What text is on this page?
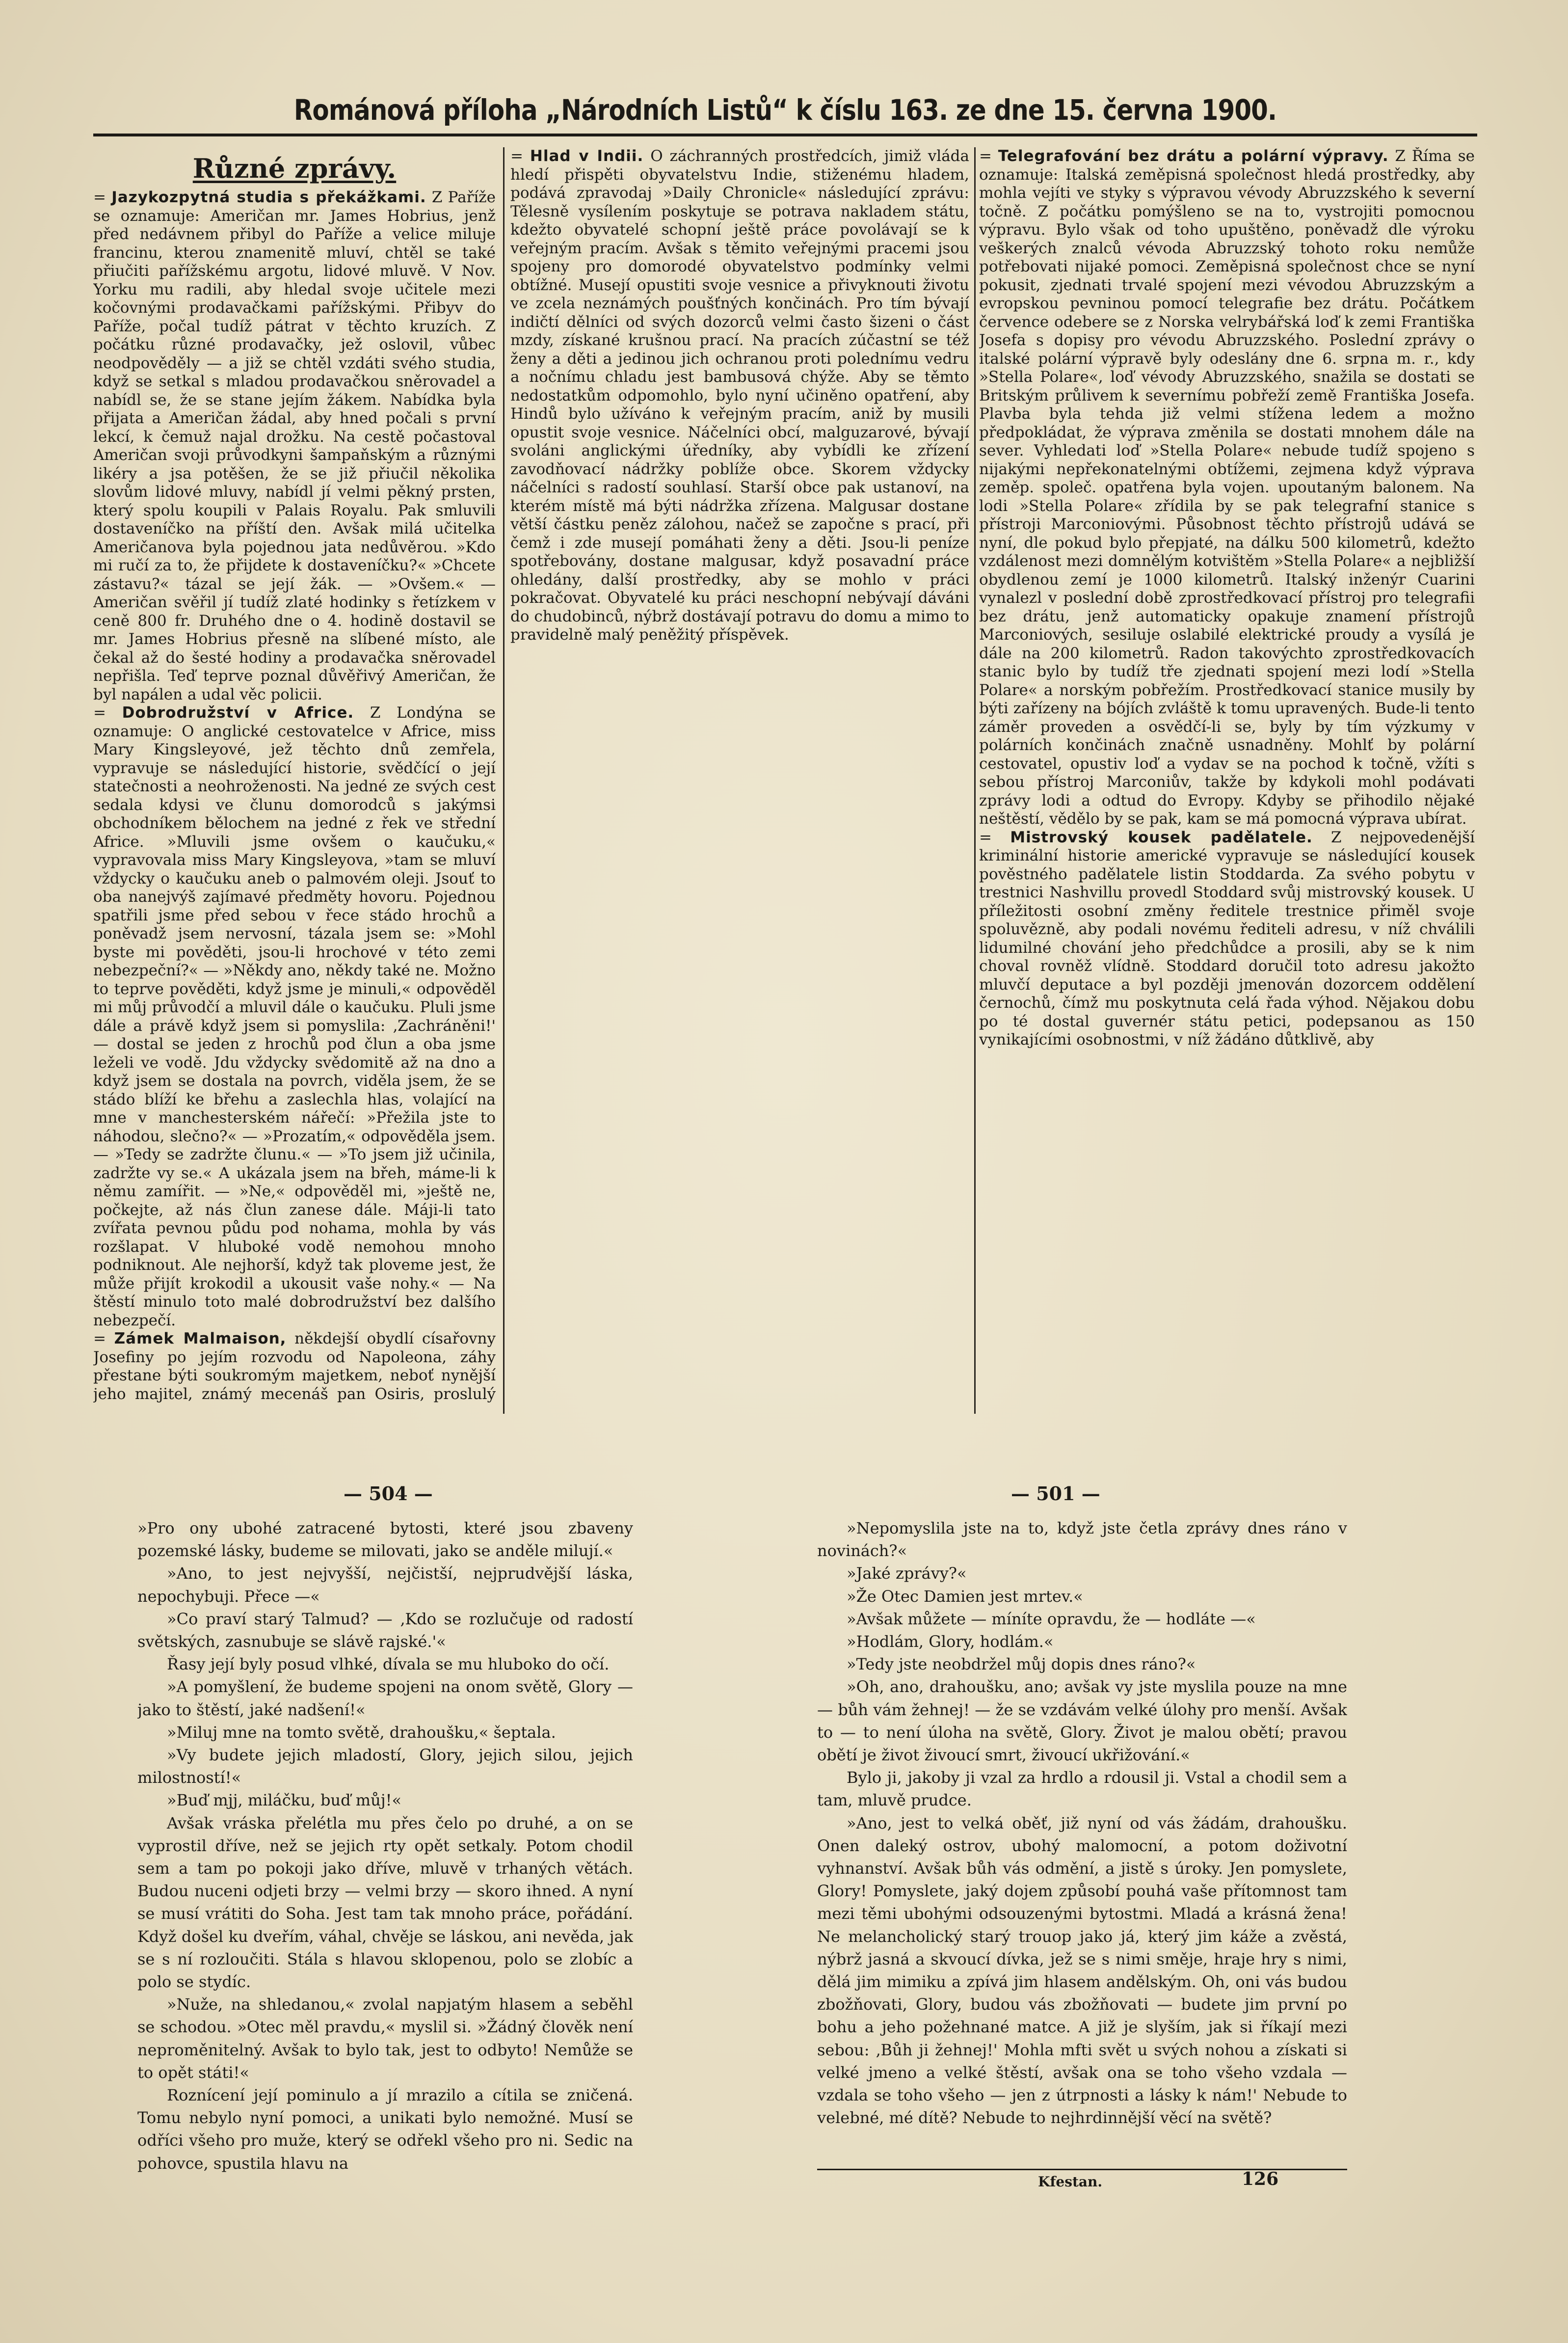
Románová příloha „Národních Listů“ k číslu 163. ze dne 15. června 1900.
Různé zprávy.

= Jazykozpytná studia s překážkami. Z Paříže se oznamuje: Američan mr. James Hobrius, jenž před nedávnem přibyl do Paříže a velice miluje francinu, kterou znamenitě mluví, chtěl se také přiučiti pařížskému argotu, lidové mluvě. V Nov. Yorku mu radili, aby hledal svoje učitele mezi kočovnými prodavačkami pařížskými. Přibyv do Paříže, počal tudíž pátrat v těchto kruzích. Z počátku různé prodavačky, jež oslovil, vůbec neodpověděly — a již se chtěl vzdáti svého studia, když se setkal s mladou prodavačkou sněrovadel a nabídl se, že se stane jejím žákem. Nabídka byla přijata a Američan žádal, aby hned počali s první lekcí, k čemuž najal drožku. Na cestě počastoval Američan svoji průvodkyni šampaňským a různými likéry a jsa potěšen, že se již přiučil několika slovům lidové mluvy, nabídl jí velmi pěkný prsten, který spolu koupili v Palais Royalu. Pak smluvili dostaveníčko na příští den. Avšak milá učitelka Američanova byla pojednou jata nedůvěrou. »Kdo mi ručí za to, že přijdete k dostaveníčku?« »Chcete zástavu?« tázal se její žák. — »Ovšem.« — Američan svěřil jí tudíž zlaté hodinky s řetízkem v ceně 800 fr. Druhého dne o 4. hodině dostavil se mr. James Hobrius přesně na slíbené místo, ale čekal až do šesté hodiny a prodavačka sněrovadel nepřišla. Teď teprve poznal důvěřivý Američan, že byl napálen a udal věc policii.

= Dobrodružství v Africe. Z Londýna se oznamuje: O anglické cestovatelce v Africe, miss Mary Kingsleyové, jež těchto dnů zemřela, vypravuje se následující historie, svědčící o její statečnosti a neohroženosti. Na jedné ze svých cest sedala kdysi ve člunu domorodců s jakýmsi obchodníkem bělochem na jedné z řek ve střední Africe. »Mluvili jsme ovšem o kaučuku,« vypravovala miss Mary Kingsleyova, »tam se mluví vždycky o kaučuku aneb o palmovém oleji. Jsouť to oba nanejvýš zajímavé předměty hovoru. Pojednou spatřili jsme před sebou v řece stádo hrochů a poněvadž jsem nervosní, tázala jsem se: »Mohl byste mi pověděti, jsou-li hrochové v této zemi nebezpeční?« — »Někdy ano, někdy také ne. Možno to teprve pověděti, když jsme je minuli,« odpověděl mi můj průvodčí a mluvil dále o kaučuku. Pluli jsme dále a právě když jsem si pomyslila: ‚Zachráněni!' — dostal se jeden z hrochů pod člun a oba jsme leželi ve vodě. Jdu vždycky svědomitě až na dno a když jsem se dostala na povrch, viděla jsem, že se stádo blíží ke břehu a zaslechla hlas, volající na mne v manchesterském nářečí: »Přežila jste to náhodou, slečno?« — »Prozatím,« odpověděla jsem. — »Tedy se zadržte člunu.« — »To jsem již učinila, zadržte vy se.« A ukázala jsem na břeh, máme-li k němu zamířit. — »Ne,« odpověděl mi, »ještě ne, počkejte, až nás člun zanese dále. Máji-li tato zvířata pevnou půdu pod nohama, mohla by vás rozšlapat. V hluboké vodě nemohou mnoho podniknout. Ale nejhorší, když tak ploveme jest, že může přijít krokodil a ukousit vaše nohy.« — Na štěstí minulo toto malé dobrodružství bez dalšího nebezpečí.

= Zámek Malmaison, někdejší obydlí císařovny Josefiny po jejím rozvodu od Napoleona, záhy přestane býti soukromým majetkem, neboť nynější jeho majitel, známý mecenáš pan Osiris, proslulý

= Hlad v Indii. O záchranných prostředcích, jimiž vláda hledí přispěti obyvatelstvu Indie, stiženému hladem, podává zpravodaj »Daily Chronicle« následující zprávu: Tělesně vysílením poskytuje se potrava nakladem státu, kdežto obyvatelé schopní ještě práce povolávají se k veřejným pracím. Avšak s těmito veřejnými pracemi jsou spojeny pro domorodé obyvatelstvo podmínky velmi obtížné. Musejí opustiti svoje vesnice a přivyknouti životu ve zcela neznámých poušťných končinách. Pro tím bývají indičtí dělníci od svých dozorců velmi často šizeni o část mzdy, získané krušnou prací. Na pracích zúčastní se též ženy a děti a jedinou jich ochranou proti polednímu vedru a nočnímu chladu jest bambusová chýže. Aby se těmto nedostatkům odpomohlo, bylo nyní učiněno opatření, aby Hindů bylo užíváno k veřejným pracím, aniž by musili opustit svoje vesnice. Náčelníci obcí, malguzarové, bývají svoláni anglickými úředníky, aby vybídli ke zřízení zavodňovací nádržky poblíže obce. Skorem vždycky náčelníci s radostí souhlasí. Starší obce pak ustanoví, na kterém místě má býti nádržka zřízena. Malgusar dostane větší částku peněz zálohou, načež se započne s prací, při čemž i zde musejí pomáhati ženy a děti. Jsou-li peníze spotřebovány, dostane malgusar, když posavadní práce ohledány, další prostředky, aby se mohlo v práci pokračovat. Obyvatelé ku práci neschopní nebývají dáváni do chudobinců, nýbrž dostávají potravu do domu a mimo to pravidelně malý peněžitý příspěvek.

= Telegrafování bez drátu a polární výpravy. Z Říma se oznamuje: Italská zeměpisná společnost hledá prostředky, aby mohla vejíti ve styky s výpravou vévody Abruzzského k severní točně. Z počátku pomýšleno se na to, vystrojiti pomocnou výpravu. Bylo však od toho upuštěno, poněvadž dle výroku veškerých znalců vévoda Abruzzský tohoto roku nemůže potřebovati nijaké pomoci. Zeměpisná společnost chce se nyní pokusit, zjednati trvalé spojení mezi vévodou Abruzzským a evropskou pevninou pomocí telegrafie bez drátu. Počátkem července odebere se z Norska velrybářská loď k zemi Františka Josefa s dopisy pro vévodu Abruzzského. Poslední zprávy o italské polární výpravě byly odeslány dne 6. srpna m. r., kdy »Stella Polare«, loď vévody Abruzzského, snažila se dostati se Britským průlivem k severnímu pobřeží země Františka Josefa. Plavba byla tehda již velmi stížena ledem a možno předpokládat, že výprava změnila se dostati mnohem dále na sever. Vyhledati loď »Stella Polare« nebude tudíž spojeno s nijakými nepřekonatelnými obtížemi, zejmena když výprava zeměp. společ. opatřena byla vojen. upoutaným balonem. Na lodi »Stella Polare« zřídila by se pak telegrafní stanice s přístroji Marconiovými. Působnost těchto přístrojů udává se nyní, dle pokud bylo přepjaté, na dálku 500 kilometrů, kdežto vzdálenost mezi domnělým kotvištěm »Stella Polare« a nejbližší obydlenou zemí je 1000 kilometrů. Italský inženýr Cuarini vynalezl v poslední době zprostředkovací přístroj pro telegrafii bez drátu, jenž automaticky opakuje znamení přístrojů Marconiových, sesiluje oslabilé elektrické proudy a vysílá je dále na 200 kilometrů. Radon takovýchto zprostředkovacích stanic bylo by tudíž tře zjednati spojení mezi lodí »Stella Polare« a norským pobřežím. Prostředkovací stanice musily by býti zařízeny na bójích zvláště k tomu upravených. Bude-li tento záměr proveden a osvědčí-li se, byly by tím výzkumy v polárních končinách značně usnadněny. Mohlť by polární cestovatel, opustiv loď a vydav se na pochod k točně, vžíti s sebou přístroj Marconiův, takže by kdykoli mohl podávati zprávy lodi a odtud do Evropy. Kdyby se přihodilo nějaké neštěstí, vědělo by se pak, kam se má pomocná výprava ubírat.

= Mistrovský kousek padělatele. Z nejpovedenější kriminální historie americké vypravuje se následující kousek pověstného padělatele listin Stoddarda. Za svého pobytu v trestnici Nashvillu provedl Stoddard svůj mistrovský kousek. U příležitosti osobní změny ředitele trestnice přiměl svoje spoluvězně, aby podali novému řediteli adresu, v níž chválili lidumilné chování jeho předchůdce a prosili, aby se k nim choval rovněž vlídně. Stoddard doručil toto adresu jakožto mluvčí deputace a byl později jmenován dozorcem oddělení černochů, čímž mu poskytnuta celá řada výhod. Nějakou dobu po té dostal guvernér státu petici, podepsanou as 150 vynikajícími osobnostmi, v níž žádáno důtklivě, aby

— 504 —	— 501 —

»Pro ony ubohé zatracené bytosti, které jsou zbaveny pozemské lásky, budeme se milovati, jako se anděle milují.«

»Ano, to jest nejvyšší, nejčistší, nejprudvější láska, nepochybuji. Přece —«

»Co praví starý Talmud? — ‚Kdo se rozlučuje od radostí světských, zasnubuje se slávě rajské.'«

Řasy její byly posud vlhké, dívala se mu hluboko do očí.

»A pomyšlení, že budeme spojeni na onom světě, Glory — jako to štěstí, jaké nadšení!«

»Miluj mne na tomto světě, drahoušku,« šeptala.

»Vy budete jejich mladostí, Glory, jejich silou, jejich milostností!«

»Buď mjj, miláčku, buď můj!«

Avšak vráska přelétla mu přes čelo po druhé, a on se vyprostil dříve, než se jejich rty opět setkaly. Potom chodil sem a tam po pokoji jako dříve, mluvě v trhaných větách. Budou nuceni odjeti brzy — velmi brzy — skoro ihned. A nyní se musí vrátiti do Soha. Jest tam tak mnoho práce, pořádání. Když došel ku dveřím, váhal, chvěje se láskou, ani nevěda, jak se s ní rozloučiti. Stála s hlavou sklopenou, polo se zlobíc a polo se stydíc.

»Nuže, na shledanou,« zvolal napjatým hlasem a seběhl se schodou. »Otec měl pravdu,« myslil si. »Žádný člověk není neproměnitelný. Avšak to bylo tak, jest to odbyto! Nemůže se to opět státi!«

Roznícení její pominulo a jí mrazilo a cítila se zničená. Tomu nebylo nyní pomoci, a unikati bylo nemožné. Musí se odříci všeho pro muže, který se odřekl všeho pro ni. Sedic na pohovce, spustila hlavu na

»Nepomyslila jste na to, když jste četla zprávy dnes ráno v novinách?«

»Jaké zprávy?«

»Že Otec Damien jest mrtev.«

»Avšak můžete — míníte opravdu, že — hodláte —«

»Hodlám, Glory, hodlám.«

»Tedy jste neobdržel můj dopis dnes ráno?«

»Oh, ano, drahoušku, ano; avšak vy jste myslila pouze na mne — bůh vám žehnej! — že se vzdávám velké úlohy pro menší. Avšak to — to není úloha na světě, Glory. Život je malou obětí; pravou obětí je život živoucí smrt, živoucí ukřižování.«

Bylo ji, jakoby ji vzal za hrdlo a rdousil ji. Vstal a chodil sem a tam, mluvě prudce.

»Ano, jest to velká oběť, již nyní od vás žádám, drahoušku. Onen daleký ostrov, ubohý malomocní, a potom doživotní vyhnanství. Avšak bůh vás odmění, a jistě s úroky. Jen pomyslete, Glory! Pomyslete, jaký dojem způsobí pouhá vaše přítomnost tam mezi těmi ubohými odsouzenými bytostmi. Mladá a krásná žena! Ne melancholický starý trouop jako já, který jim káže a zvěstá, nýbrž jasná a skvoucí dívka, jež se s nimi směje, hraje hry s nimi, dělá jim mimiku a zpívá jim hlasem andělským. Oh, oni vás budou zbožňovati, Glory, budou vás zbožňovati — budete jim první po bohu a jeho požehnané matce. A již je slyším, jak si říkají mezi sebou: ‚Bůh ji žehnej!' Mohla mfti svět u svých nohou a získati si velké jmeno a velké štěstí, avšak ona se toho všeho vzdala — vzdala se toho všeho — jen z útrpnosti a lásky k nám!' Nebude to velebné, mé dítě? Nebude to nejhrdinnější věcí na světě?

Kfestan.	126
